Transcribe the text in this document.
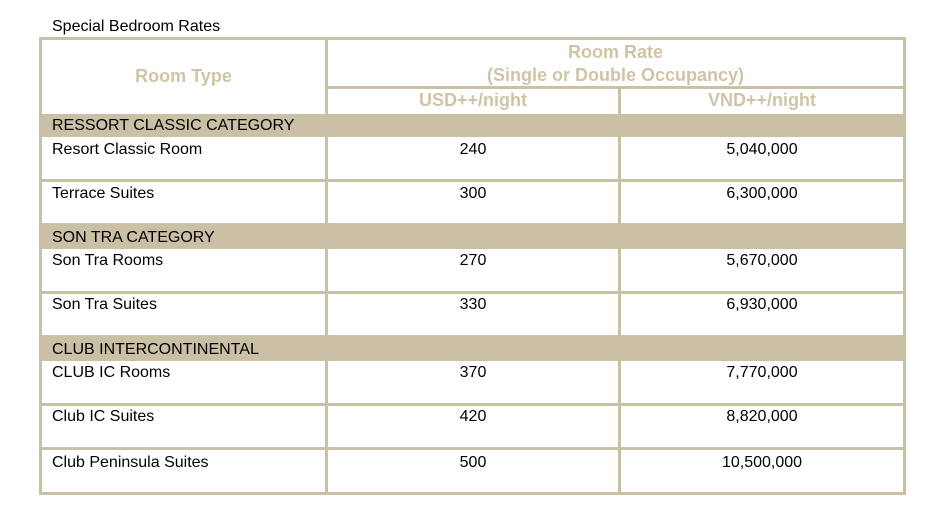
Special Bedroom Rates
Room Type
Room Rate
(Single or Double Occupancy)
USD++/night	VND++/night
RESSORT CLASSIC CATEGORY
Resort Classic Room	240	5,040,000
Terrace Suites	300	6,300,000
SON TRA CATEGORY
Son Tra Rooms	270	5,670,000
Son Tra Suites	330	6,930,000
CLUB INTERCONTINENTAL
CLUB IC Rooms	370	7,770,000
Club IC Suites	420	8,820,000
Club Peninsula Suites	500	10,500,000
